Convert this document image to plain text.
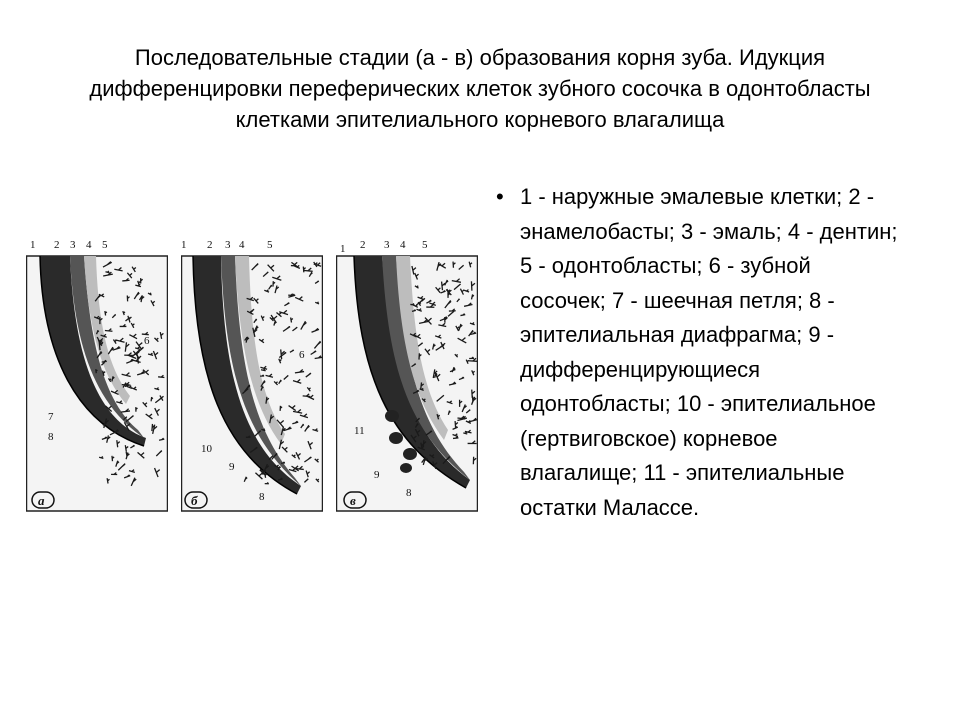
Последовательные стадии (а - в) образования корня зуба. Идукция дифференцировки переферических клеток зубного сосочка в одонтобласты клетками эпителиального корневого влагалища
• 1 - наружные эмалевые клетки; 2 - энамелобасты; 3 - эмаль; 4 - дентин; 5 - одонтобласты; 6 - зубной сосочек; 7 - шеечная петля; 8 - эпителиальная диафрагма; 9 - дифференцирующиеся одонтобласты; 10 - эпителиальное (гертвиговское) корневое влагалище; 11 - эпителиальные остатки Малассе.
1 2 3 4 5
6
7
8
а
1 2 3 4 5
6
10
9
8
б
1 2 3 4 5
11
9
8
в
